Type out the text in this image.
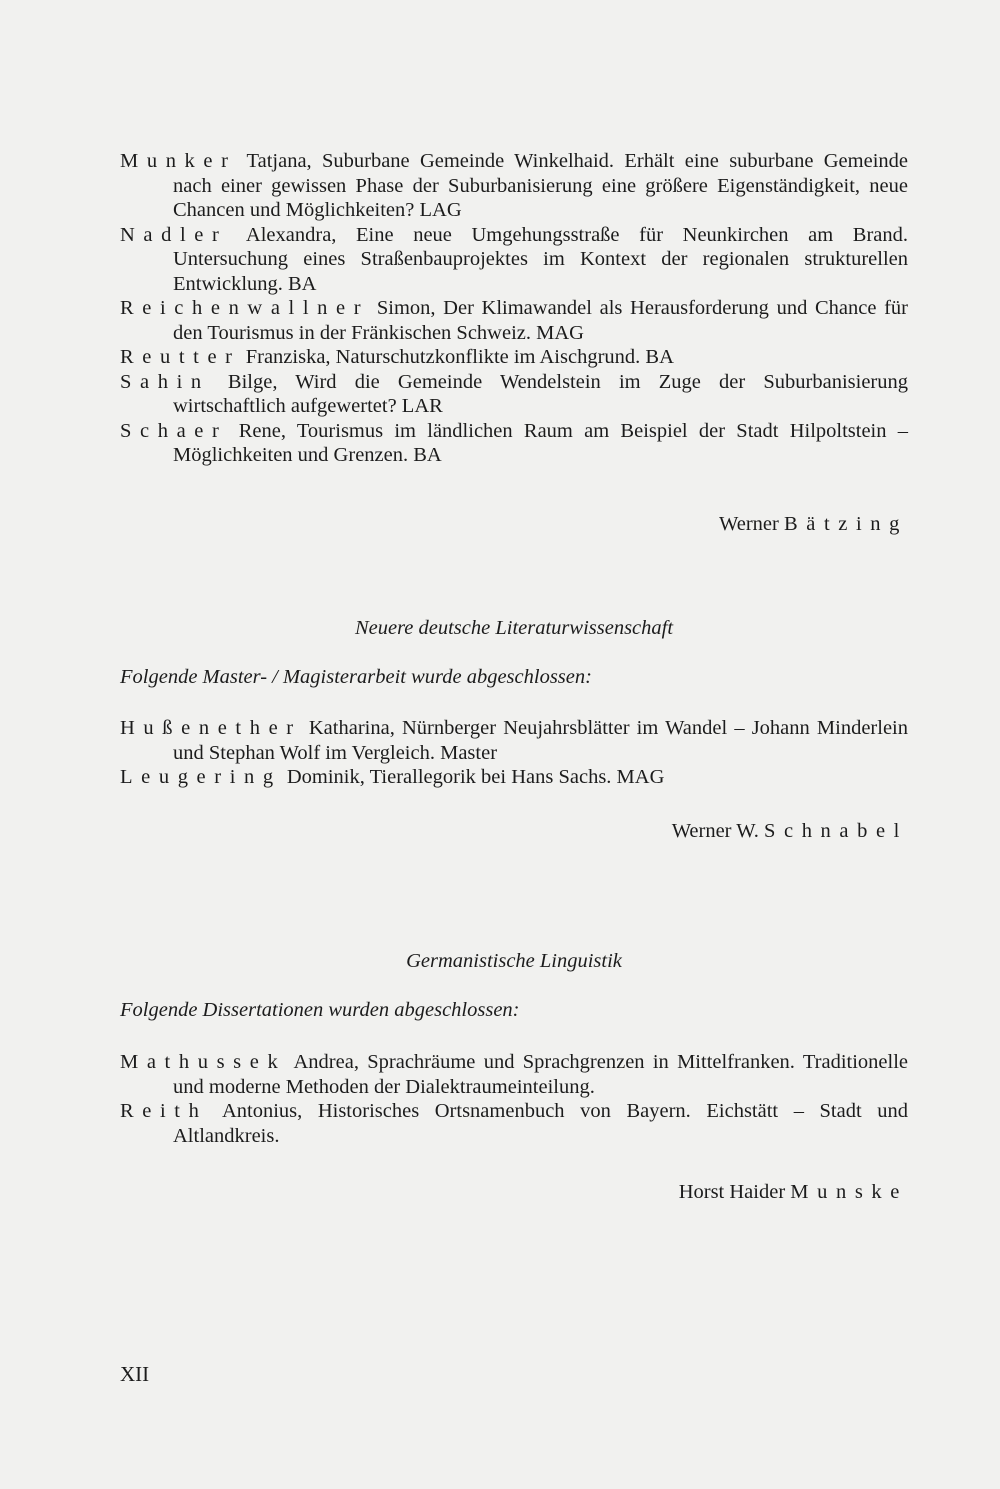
Munker Tatjana, Suburbane Gemeinde Winkelhaid. Erhält eine suburbane Gemeinde nach einer gewissen Phase der Suburbanisierung eine größere Eigenständigkeit, neue Chancen und Möglichkeiten? LAG
Nadler Alexandra, Eine neue Umgehungsstraße für Neunkirchen am Brand. Untersuchung eines Straßenbauprojektes im Kontext der regionalen strukturellen Entwicklung. BA
Reichenwallner Simon, Der Klimawandel als Herausforderung und Chance für den Tourismus in der Fränkischen Schweiz. MAG
Reutter Franziska, Naturschutzkonflikte im Aischgrund. BA
Sahin Bilge, Wird die Gemeinde Wendelstein im Zuge der Suburbanisierung wirtschaftlich aufgewertet? LAR
Schaer Rene, Tourismus im ländlichen Raum am Beispiel der Stadt Hilpoltstein – Möglichkeiten und Grenzen. BA
Werner Bätzing
Neuere deutsche Literaturwissenschaft
Folgende Master- / Magisterarbeit wurde abgeschlossen:
Hußenether Katharina, Nürnberger Neujahrsblätter im Wandel – Johann Minderlein und Stephan Wolf im Vergleich. Master
Leugering Dominik, Tierallegorik bei Hans Sachs. MAG
Werner W. Schnabel
Germanistische Linguistik
Folgende Dissertationen wurden abgeschlossen:
Mathussek Andrea, Sprachräume und Sprachgrenzen in Mittelfranken. Traditionelle und moderne Methoden der Dialektraumeinteilung.
Reith Antonius, Historisches Ortsnamenbuch von Bayern. Eichstätt – Stadt und Altlandkreis.
Horst Haider Munske
XII
